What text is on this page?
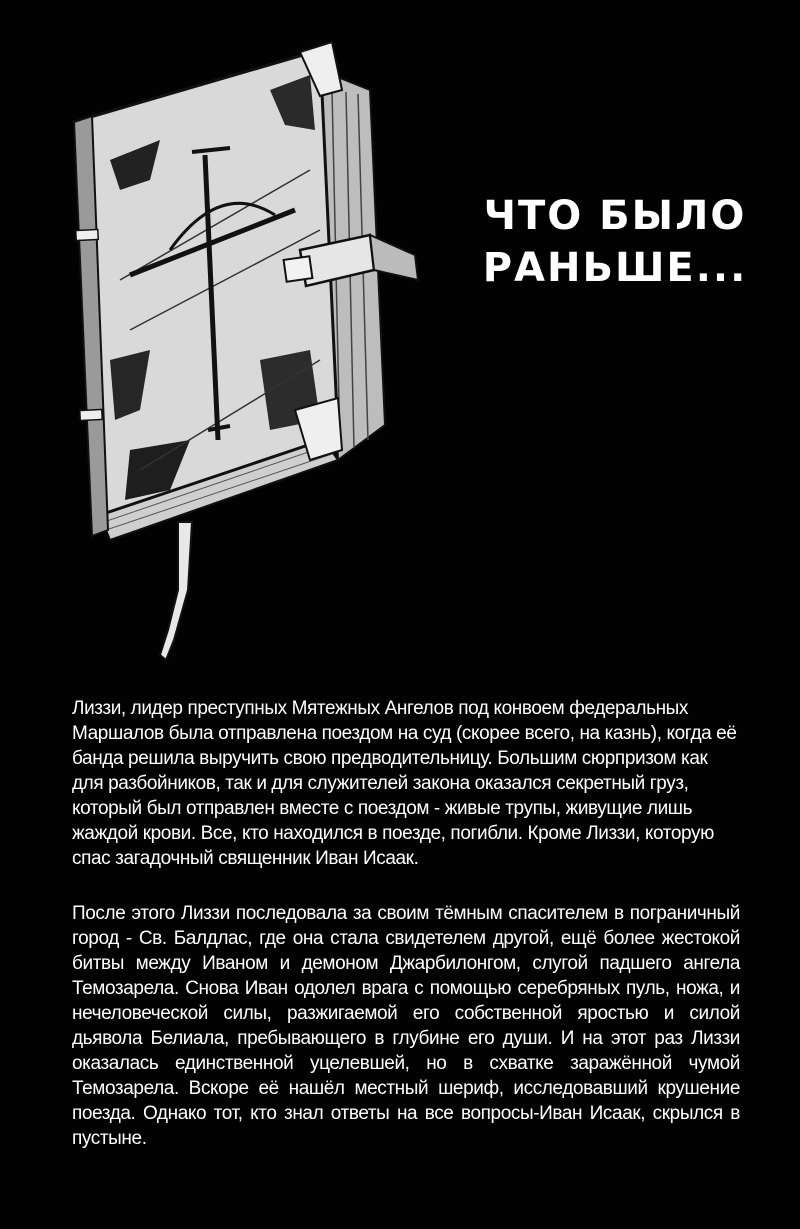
ЧТО БЫЛО
РАНЬШЕ...

Лиззи, лидер преступных Мятежных Ангелов под конвоем федеральных Маршалов была отправлена поездом на суд (скорее всего, на казнь), когда её банда решила выручить свою предводительницу. Большим сюрпризом как для разбойников, так и для служителей закона оказался секретный груз, который был отправлен вместе с поездом - живые трупы, живущие лишь жаждой крови. Все, кто находился в поезде, погибли. Кроме Лиззи, которую спас загадочный священник Иван Исаак.

После этого Лиззи последовала за своим тёмным спасителем в пограничный город - Св. Балдлас, где она стала свидетелем другой, ещё более жестокой битвы между Иваном и демоном Джарбилонгом, слугой падшего ангела Темозарела. Снова Иван одолел врага с помощью серебряных пуль, ножа, и нечеловеческой силы, разжигаемой его собственной яростью и силой дьявола Белиала, пребывающего в глубине его души. И на этот раз Лиззи оказалась единственной уцелевшей, но в схватке заражённой чумой Темозарела. Вскоре её нашёл местный шериф, исследовавший крушение поезда. Однако тот, кто знал ответы на все вопросы-Иван Исаак, скрылся в пустыне.
